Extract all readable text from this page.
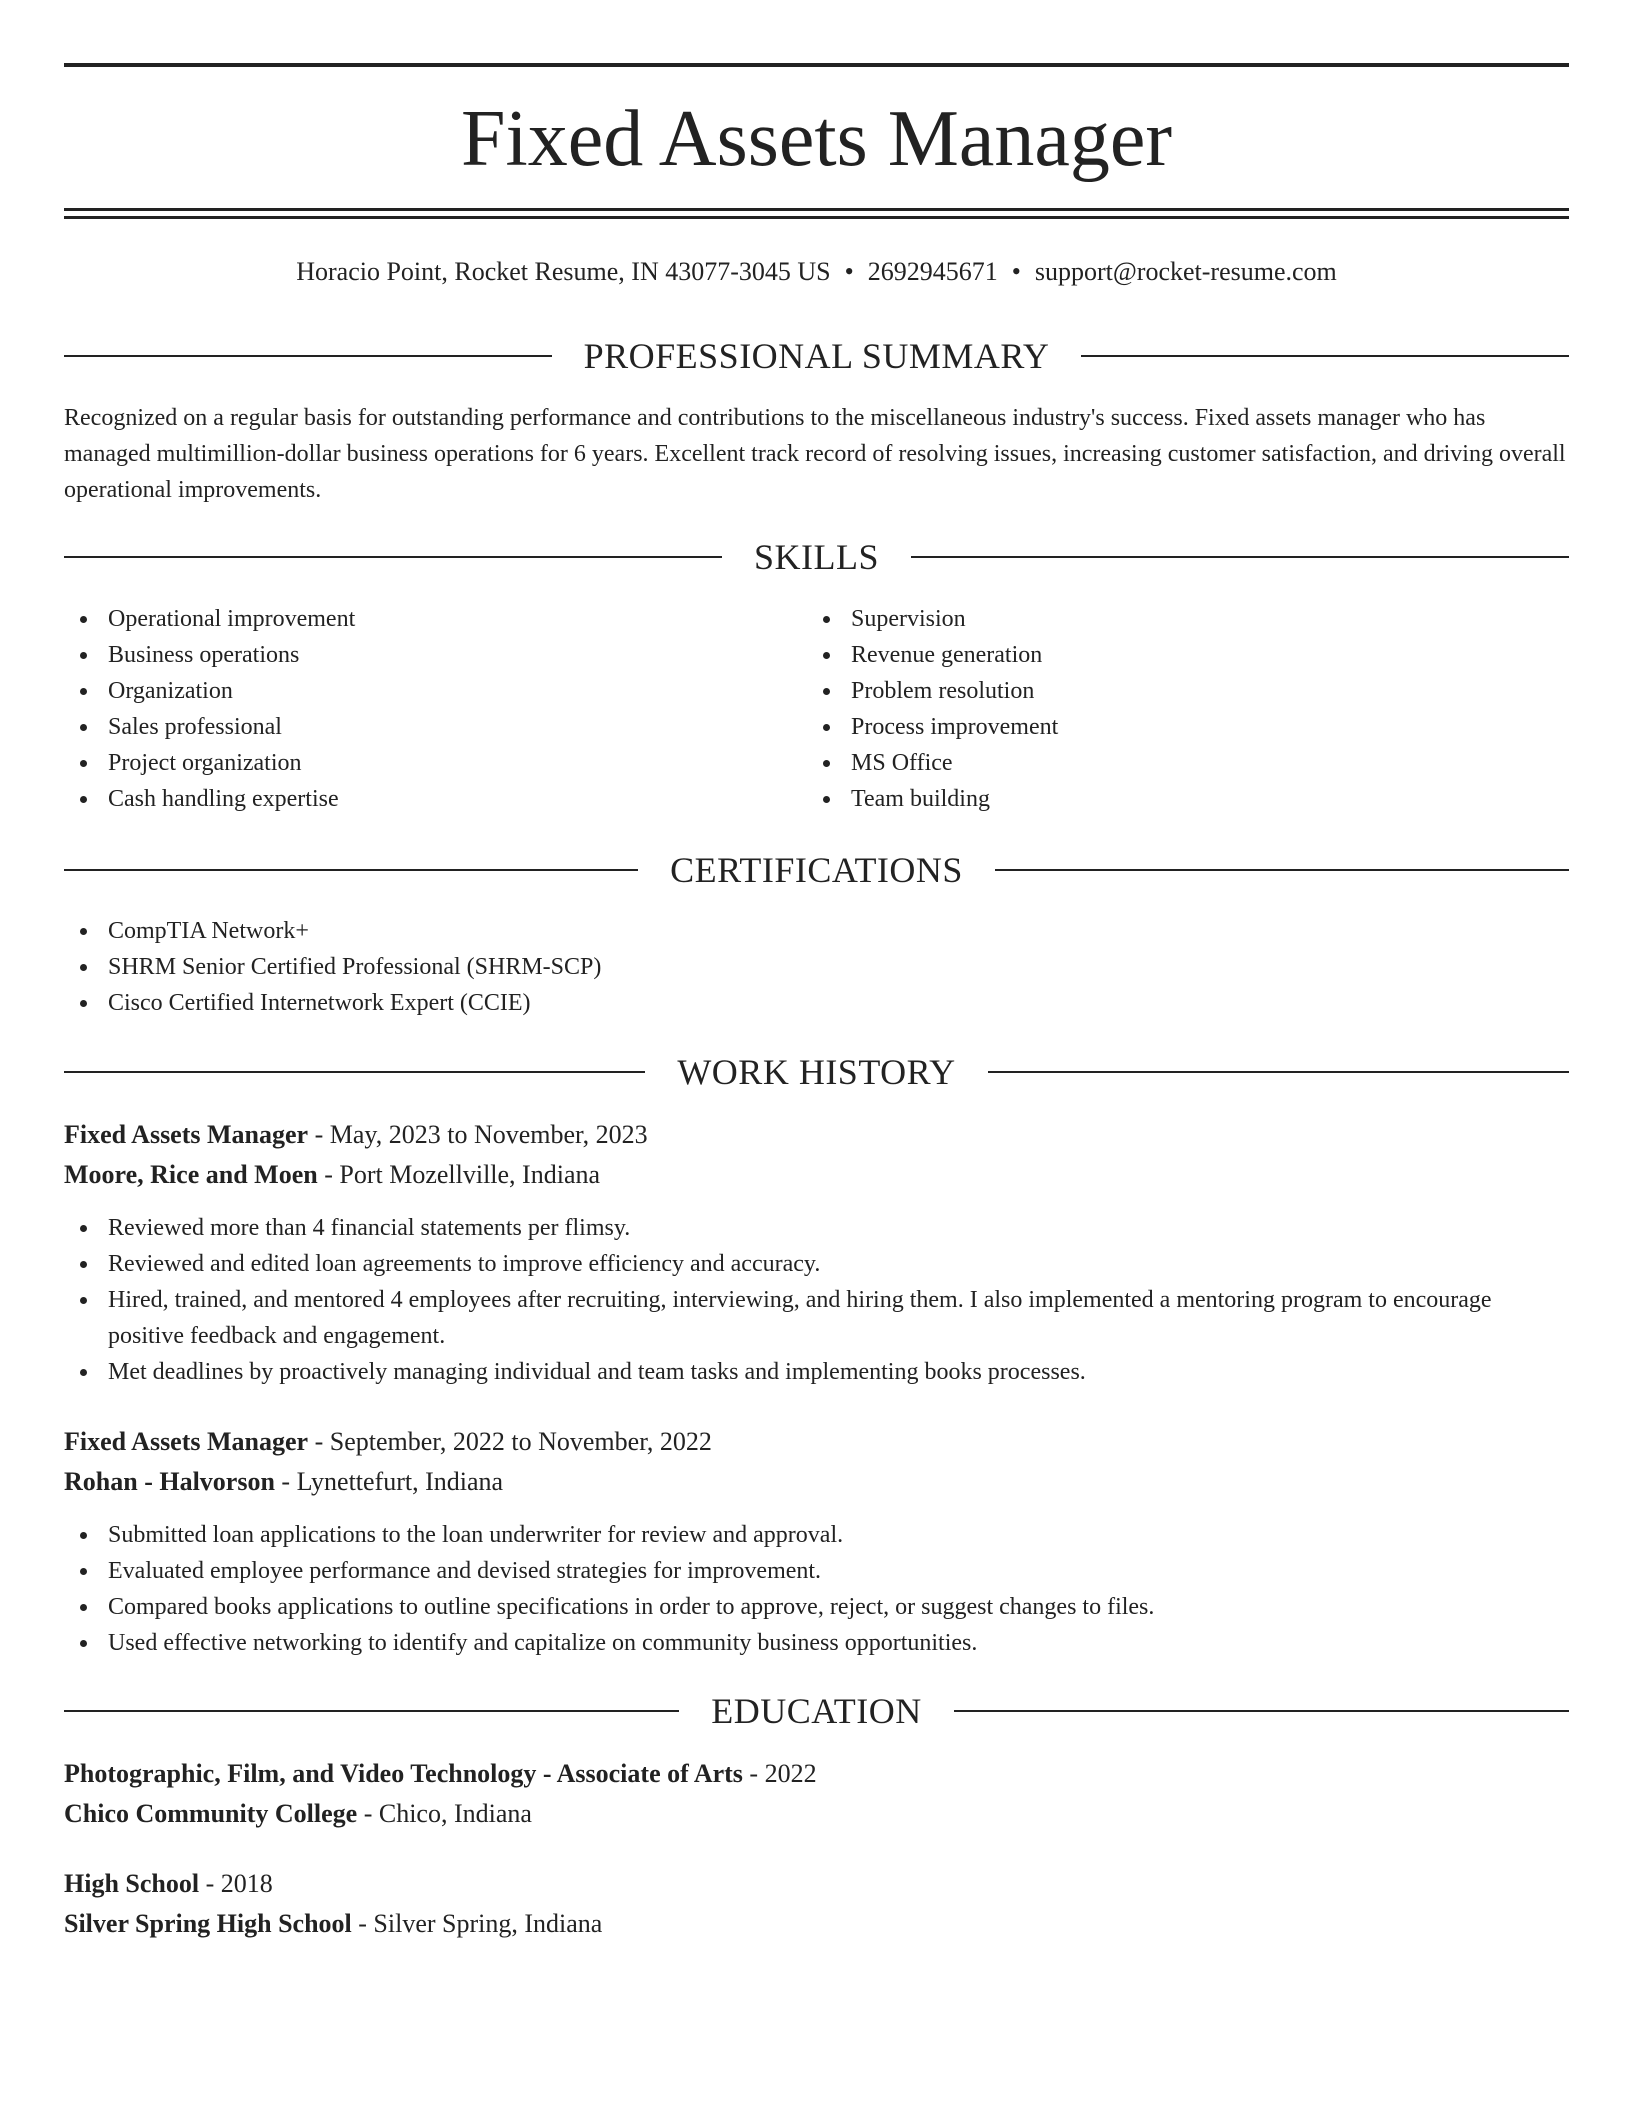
Fixed Assets Manager
Horacio Point, Rocket Resume, IN 43077-3045 US • 2692945671 • support@rocket-resume.com
PROFESSIONAL SUMMARY

Recognized on a regular basis for outstanding performance and contributions to the miscellaneous industry's success. Fixed assets manager who has managed multimillion-dollar business operations for 6 years. Excellent track record of resolving issues, increasing customer satisfaction, and driving overall operational improvements.

SKILLS
Operational improvement
Business operations
Organization
Sales professional
Project organization
Cash handling expertise
Supervision
Revenue generation
Problem resolution
Process improvement
MS Office
Team building
CERTIFICATIONS
CompTIA Network+
SHRM Senior Certified Professional (SHRM-SCP)
Cisco Certified Internetwork Expert (CCIE)
WORK HISTORY
Fixed Assets Manager - May, 2023 to November, 2023
Moore, Rice and Moen - Port Mozellville, Indiana
Reviewed more than 4 financial statements per flimsy.
Reviewed and edited loan agreements to improve efficiency and accuracy.
Hired, trained, and mentored 4 employees after recruiting, interviewing, and hiring them. I also implemented a mentoring program to encourage positive feedback and engagement.
Met deadlines by proactively managing individual and team tasks and implementing books processes.
Fixed Assets Manager - September, 2022 to November, 2022
Rohan - Halvorson - Lynettefurt, Indiana
Submitted loan applications to the loan underwriter for review and approval.
Evaluated employee performance and devised strategies for improvement.
Compared books applications to outline specifications in order to approve, reject, or suggest changes to files.
Used effective networking to identify and capitalize on community business opportunities.
EDUCATION
Photographic, Film, and Video Technology - Associate of Arts - 2022
Chico Community College - Chico, Indiana
High School - 2018
Silver Spring High School - Silver Spring, Indiana
